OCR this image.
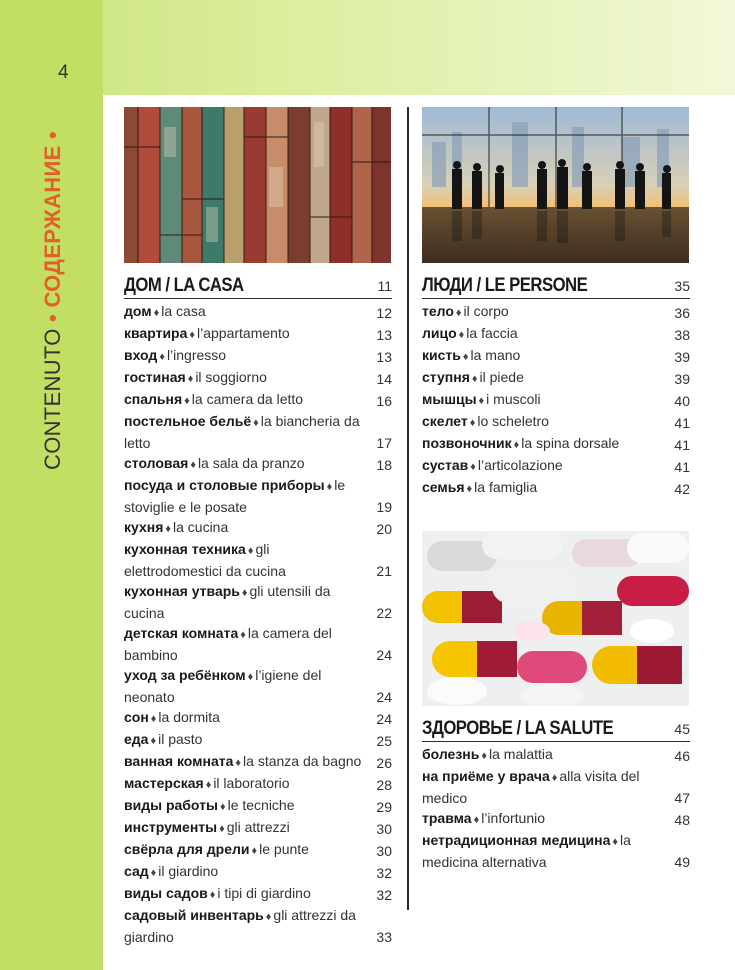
4
CONTENUTO • СОДЕРЖАНИЕ •
ДОМ / LA CASA	11
дом ♦ la casa	12
квартира ♦ l’appartamento	13
вход ♦ l’ingresso	13
гостиная ♦ il soggiorno	14
спальня ♦ la camera da letto	16
постельное бельё ♦ la biancheria da letto	17
столовая ♦ la sala da pranzo	18
посуда и столовые приборы ♦ le stoviglie e le posate	19
кухня ♦ la cucina	20
кухонная техника ♦ gli elettrodomestici da cucina	21
кухонная утварь ♦ gli utensili da cucina	22
детская комната ♦ la camera del bambino	24
уход за ребёнком ♦ l’igiene del neonato	24
сон ♦ la dormita	24
еда ♦ il pasto	25
ванная комната ♦ la stanza da bagno	26
мастерская ♦ il laboratorio	28
виды работы ♦ le tecniche	29
инструменты ♦ gli attrezzi	30
свёрла для дрели ♦ le punte	30
сад ♦ il giardino	32
виды садов ♦ i tipi di giardino	32
садовый инвентарь ♦ gli attrezzi da giardino	33
ЛЮДИ / LE PERSONE	35
тело ♦ il corpo	36
лицо ♦ la faccia	38
кисть ♦ la mano	39
ступня ♦ il piede	39
мышцы ♦ i muscoli	40
скелет ♦ lo scheletro	41
позвоночник ♦ la spina dorsale	41
сустав ♦ l’articolazione	41
семья ♦ la famiglia	42
ЗДОРОВЬЕ / LA SALUTE	45
болезнь ♦ la malattia	46
на приёме у врача ♦ alla visita del medico	47
травма ♦ l’infortunio	48
нетрадиционная медицина ♦ la medicina alternativa	49
